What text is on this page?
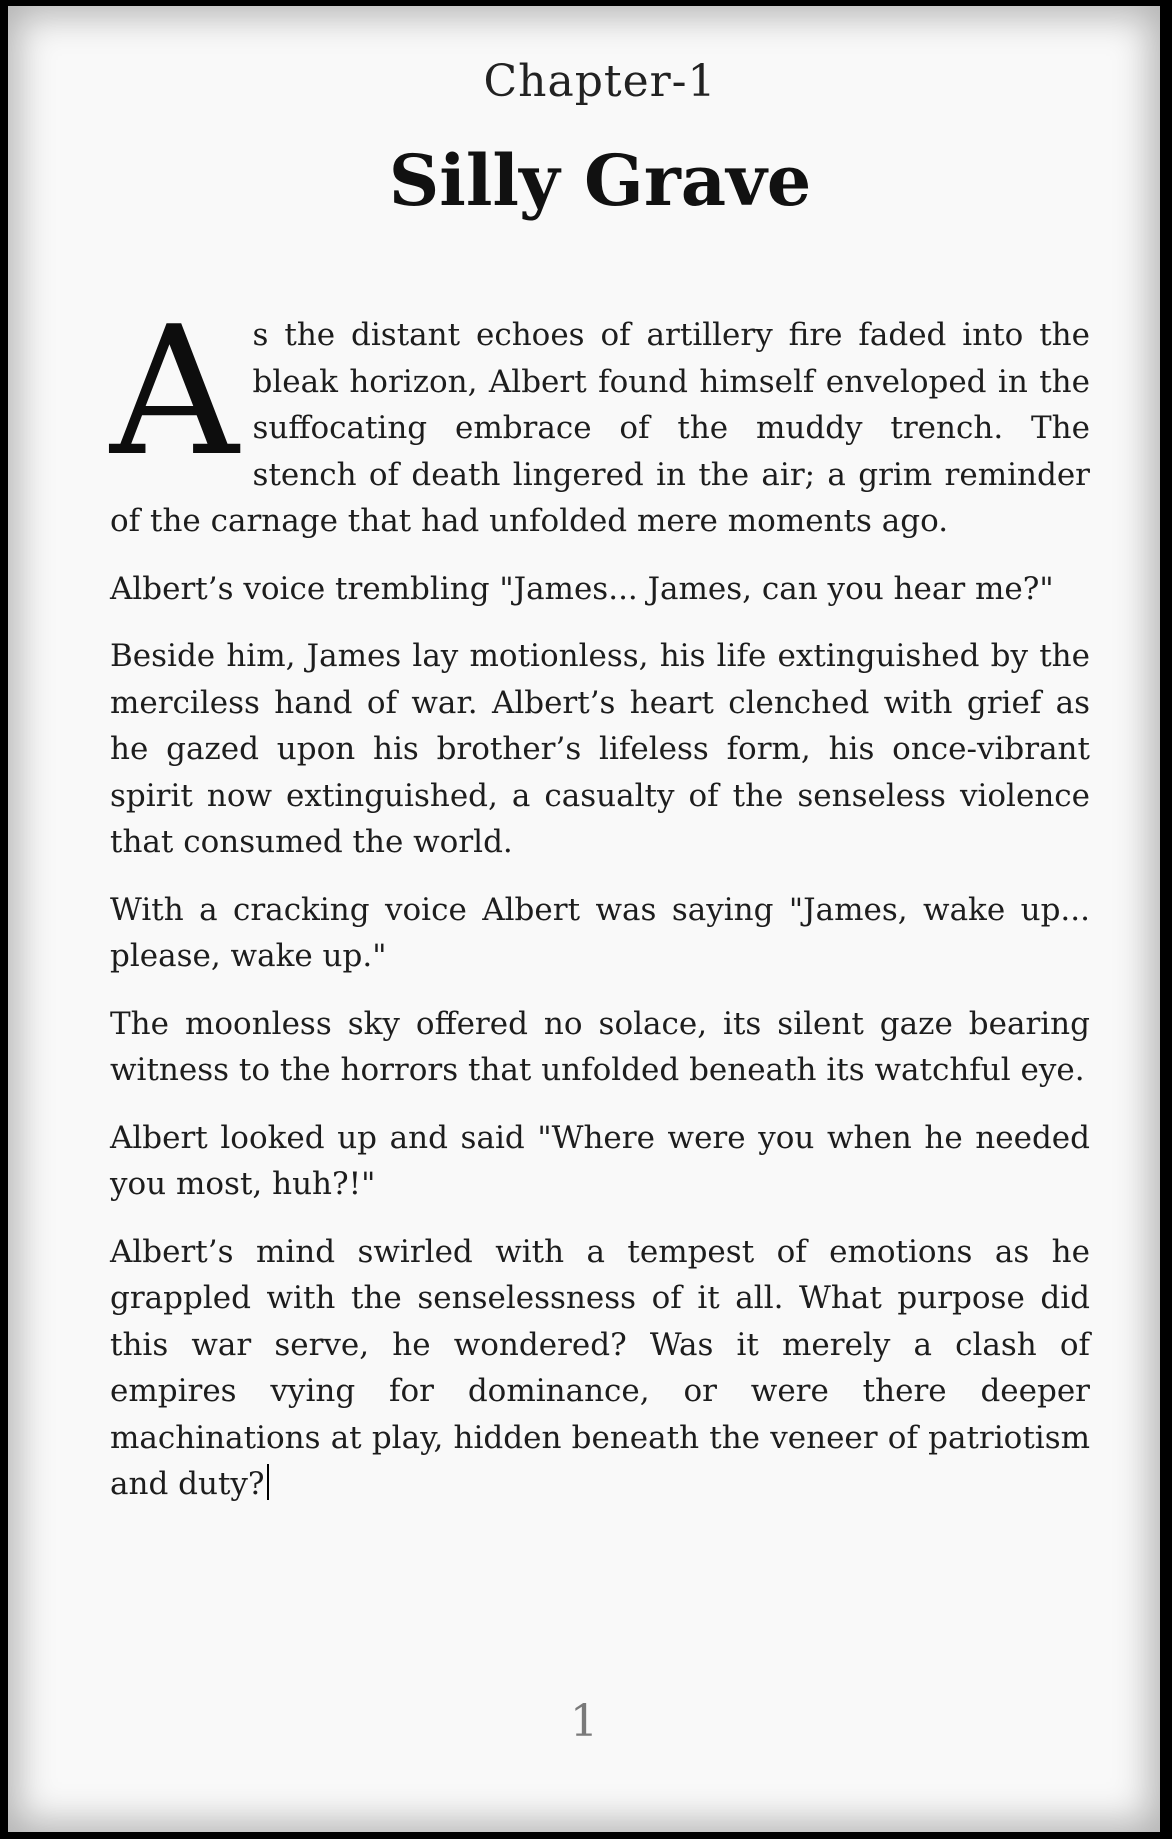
Chapter-1
Silly Grave

As the distant echoes of artillery fire faded into the bleak horizon, Albert found himself enveloped in the suffocating embrace of the muddy trench. The stench of death lingered in the air; a grim reminder of the carnage that had unfolded mere moments ago.

Albert’s voice trembling "James... James, can you hear me?"

Beside him, James lay motionless, his life extinguished by the merciless hand of war. Albert’s heart clenched with grief as he gazed upon his brother’s lifeless form, his once-vibrant spirit now extinguished, a casualty of the senseless violence that consumed the world.

With a cracking voice Albert was saying "James, wake up... please, wake up."

The moonless sky offered no solace, its silent gaze bearing witness to the horrors that unfolded beneath its watchful eye.

Albert looked up and said "Where were you when he needed you most, huh?!"

Albert’s mind swirled with a tempest of emotions as he grappled with the senselessness of it all. What purpose did this war serve, he wondered? Was it merely a clash of empires vying for dominance, or were there deeper machinations at play, hidden beneath the veneer of patriotism and duty?

1
